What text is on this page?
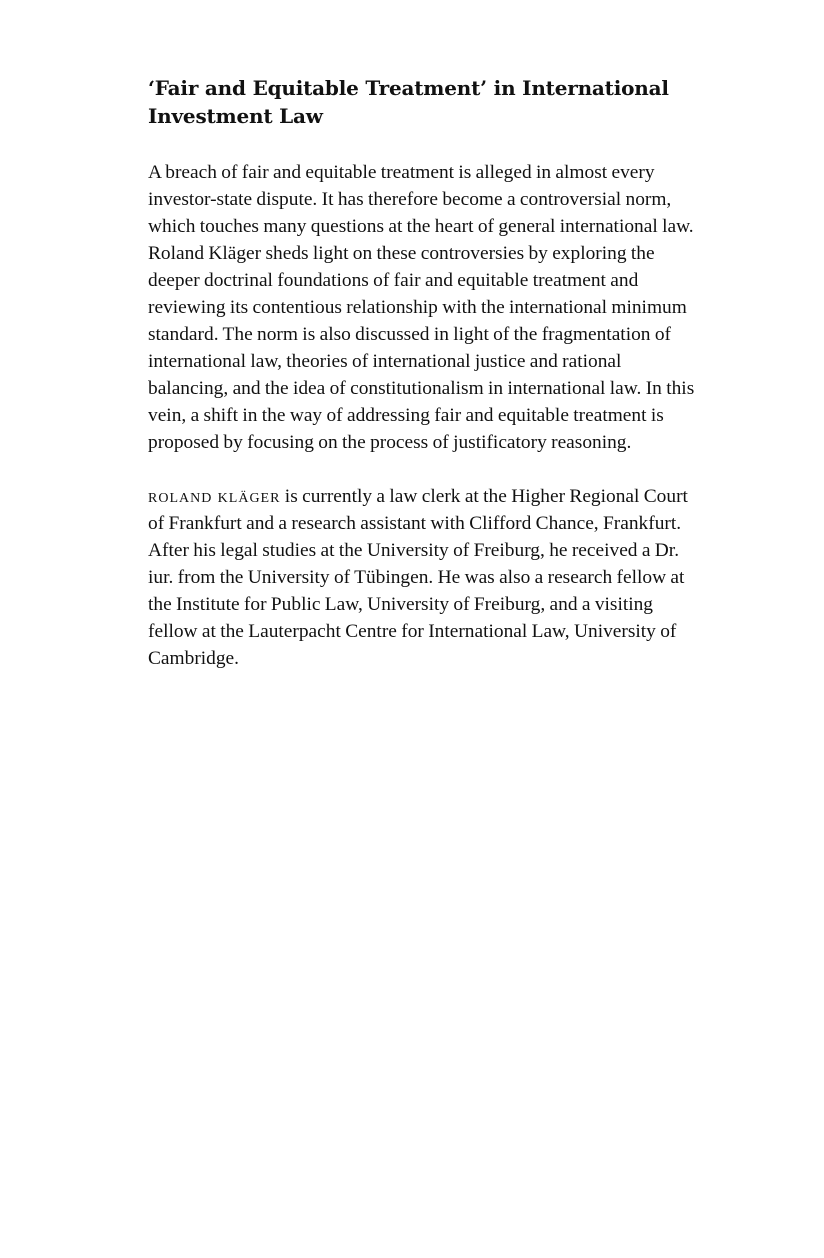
‘Fair and Equitable Treatment’ in International Investment Law

A breach of fair and equitable treatment is alleged in almost every investor-state dispute. It has therefore become a controversial norm, which touches many questions at the heart of general international law. Roland Kläger sheds light on these controversies by exploring the deeper doctrinal foundations of fair and equitable treatment and reviewing its contentious relationship with the international minimum standard. The norm is also discussed in light of the fragmentation of international law, theories of international justice and rational balancing, and the idea of constitutionalism in international law. In this vein, a shift in the way of addressing fair and equitable treatment is proposed by focusing on the process of justificatory reasoning.

roland kläger is currently a law clerk at the Higher Regional Court of Frankfurt and a research assistant with Clifford Chance, Frankfurt. After his legal studies at the University of Freiburg, he received a Dr. iur. from the University of Tübingen. He was also a research fellow at the Institute for Public Law, University of Freiburg, and a visiting fellow at the Lauterpacht Centre for International Law, University of Cambridge.
